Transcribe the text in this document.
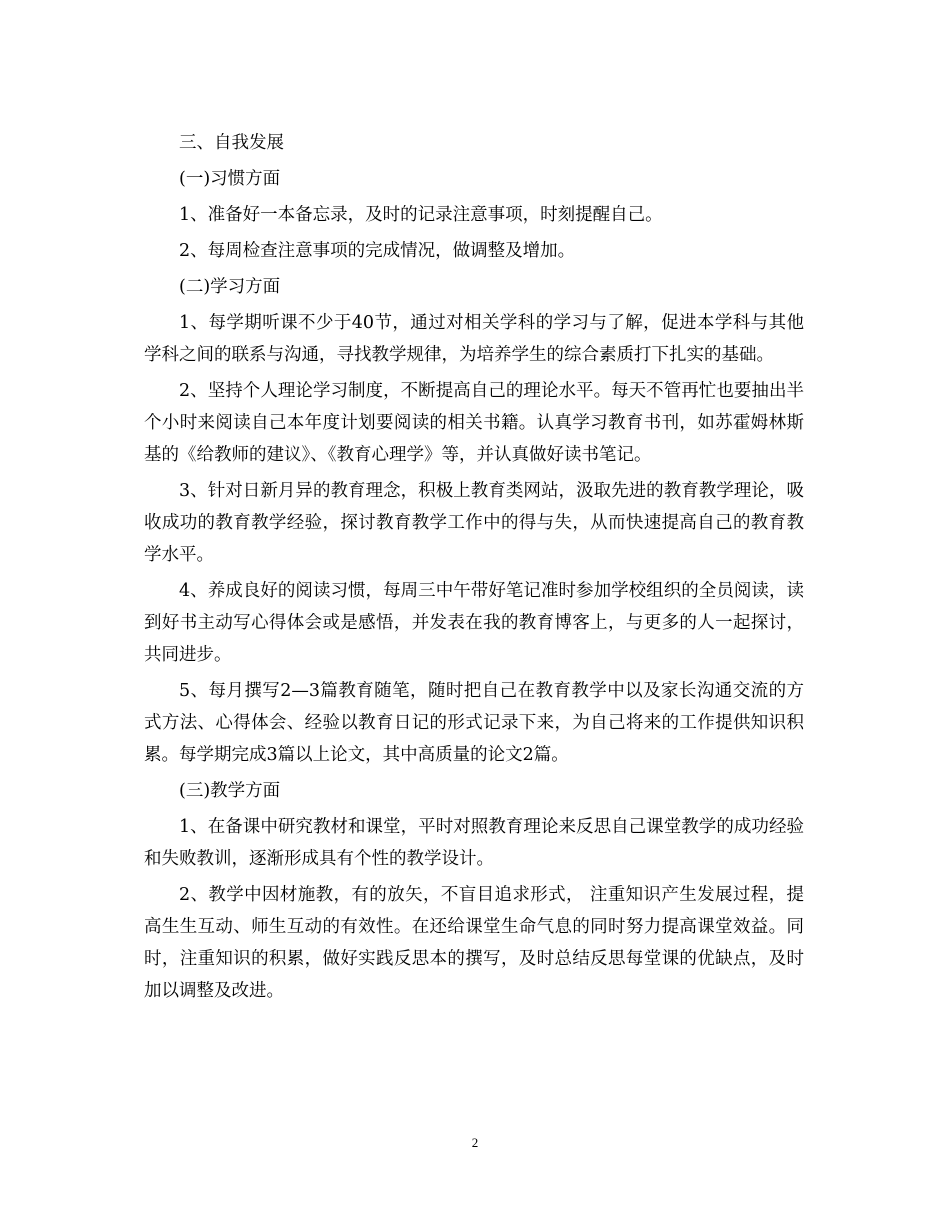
三、自我发展

(一)习惯方面

1、准备好一本备忘录，及时的记录注意事项，时刻提醒自己。

2、每周检查注意事项的完成情况，做调整及增加。

(二)学习方面

1、每学期听课不少于40节，通过对相关学科的学习与了解，促进本学科与其他学科之间的联系与沟通，寻找教学规律，为培养学生的综合素质打下扎实的基础。

2、坚持个人理论学习制度，不断提高自己的理论水平。每天不管再忙也要抽出半个小时来阅读自己本年度计划要阅读的相关书籍。认真学习教育书刊，如苏霍姆林斯基的《给教师的建议》、《教育心理学》等，并认真做好读书笔记。

3、针对日新月异的教育理念，积极上教育类网站，汲取先进的教育教学理论，吸收成功的教育教学经验，探讨教育教学工作中的得与失，从而快速提高自己的教育教学水平。

4、养成良好的阅读习惯，每周三中午带好笔记准时参加学校组织的全员阅读，读到好书主动写心得体会或是感悟，并发表在我的教育博客上，与更多的人一起探讨，共同进步。

5、每月撰写2—3篇教育随笔，随时把自己在教育教学中以及家长沟通交流的方式方法、心得体会、经验以教育日记的形式记录下来，为自己将来的工作提供知识积累。每学期完成3篇以上论文，其中高质量的论文2篇。

(三)教学方面

1、在备课中研究教材和课堂，平时对照教育理论来反思自己课堂教学的成功经验和失败教训，逐渐形成具有个性的教学设计。

2、教学中因材施教，有的放矢，不盲目追求形式， 注重知识产生发展过程，提高生生互动、师生互动的有效性。在还给课堂生命气息的同时努力提高课堂效益。同时，注重知识的积累，做好实践反思本的撰写，及时总结反思每堂课的优缺点，及时加以调整及改进。

2
